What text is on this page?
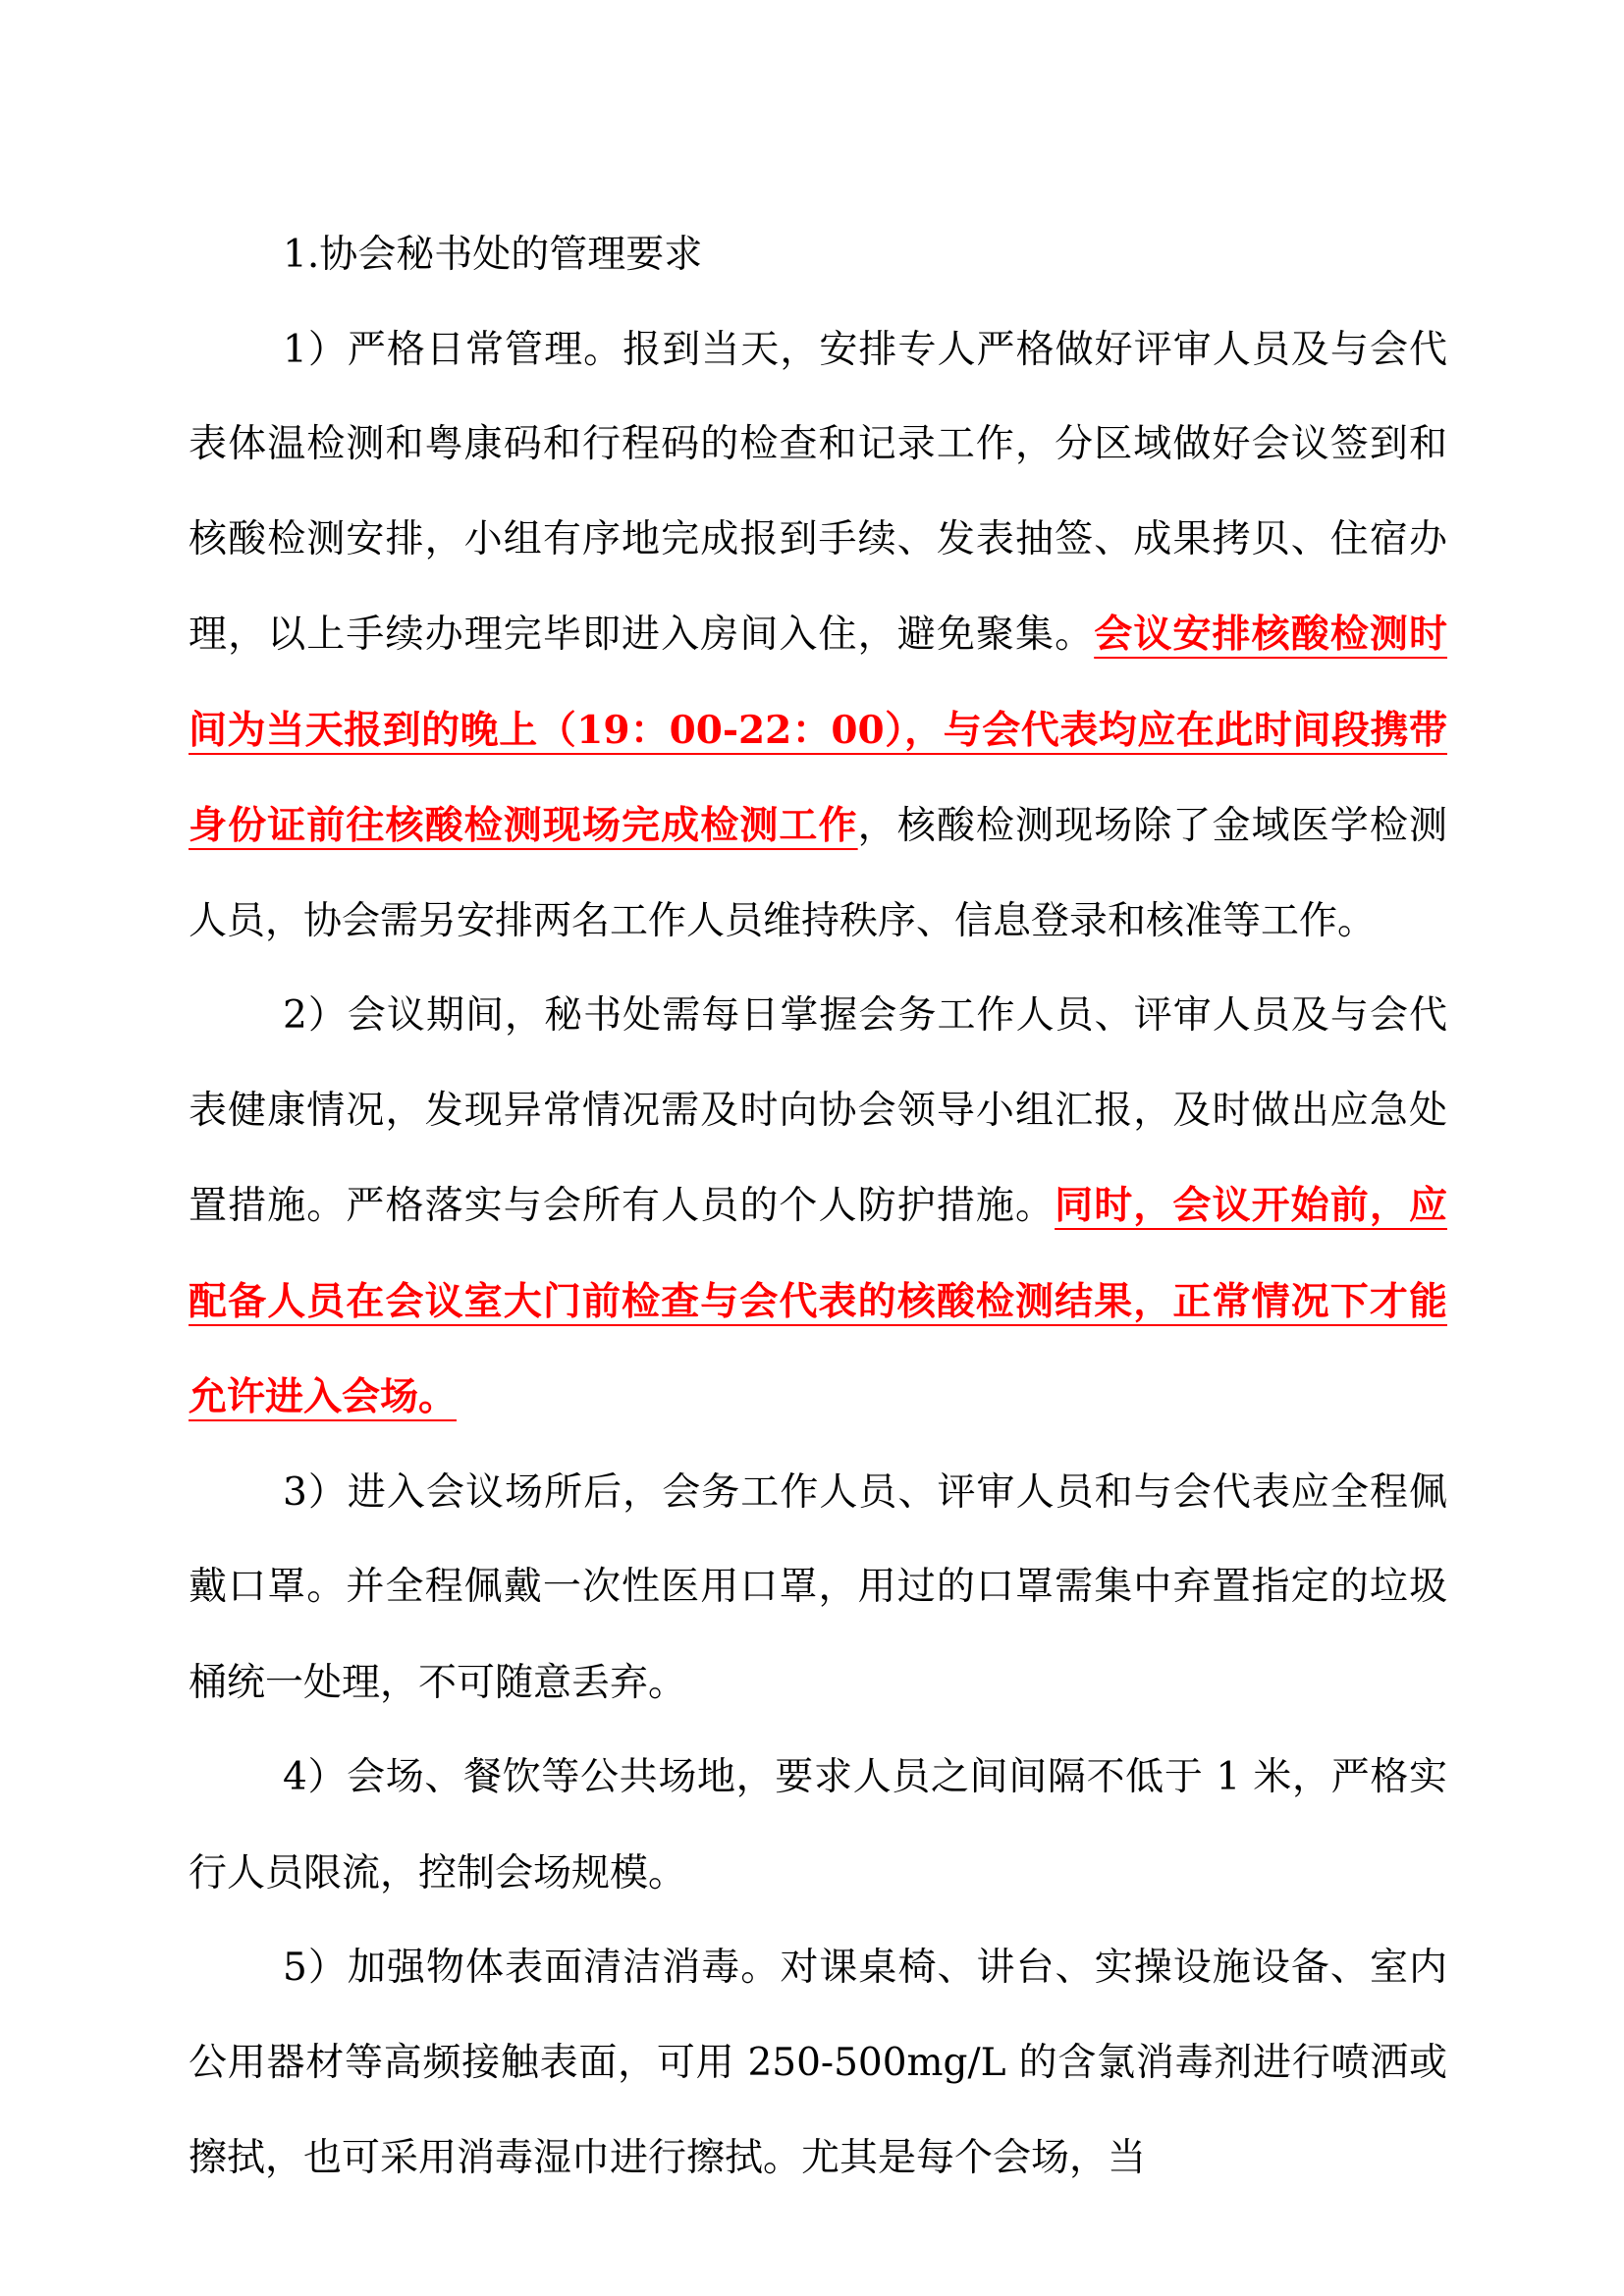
1.协会秘书处的管理要求

1）严格日常管理。报到当天，安排专人严格做好评审人员及与会代表体温检测和粤康码和行程码的检查和记录工作，分区域做好会议签到和核酸检测安排，小组有序地完成报到手续、发表抽签、成果拷贝、住宿办理，以上手续办理完毕即进入房间入住，避免聚集。会议安排核酸检测时间为当天报到的晚上（19：00-22：00），与会代表均应在此时间段携带身份证前往核酸检测现场完成检测工作，核酸检测现场除了金域医学检测人员，协会需另安排两名工作人员维持秩序、信息登录和核准等工作。

2）会议期间，秘书处需每日掌握会务工作人员、评审人员及与会代表健康情况，发现异常情况需及时向协会领导小组汇报，及时做出应急处置措施。严格落实与会所有人员的个人防护措施。同时，会议开始前，应配备人员在会议室大门前检查与会代表的核酸检测结果，正常情况下才能允许进入会场。

3）进入会议场所后，会务工作人员、评审人员和与会代表应全程佩戴口罩。并全程佩戴一次性医用口罩，用过的口罩需集中弃置指定的垃圾桶统一处理，不可随意丢弃。

4）会场、餐饮等公共场地，要求人员之间间隔不低于 1 米，严格实行人员限流，控制会场规模。

5）加强物体表面清洁消毒。对课桌椅、讲台、实操设施设备、室内公用器材等高频接触表面，可用 250-500mg/L 的含氯消毒剂进行喷洒或擦拭，也可采用消毒湿巾进行擦拭。尤其是每个会场，当
